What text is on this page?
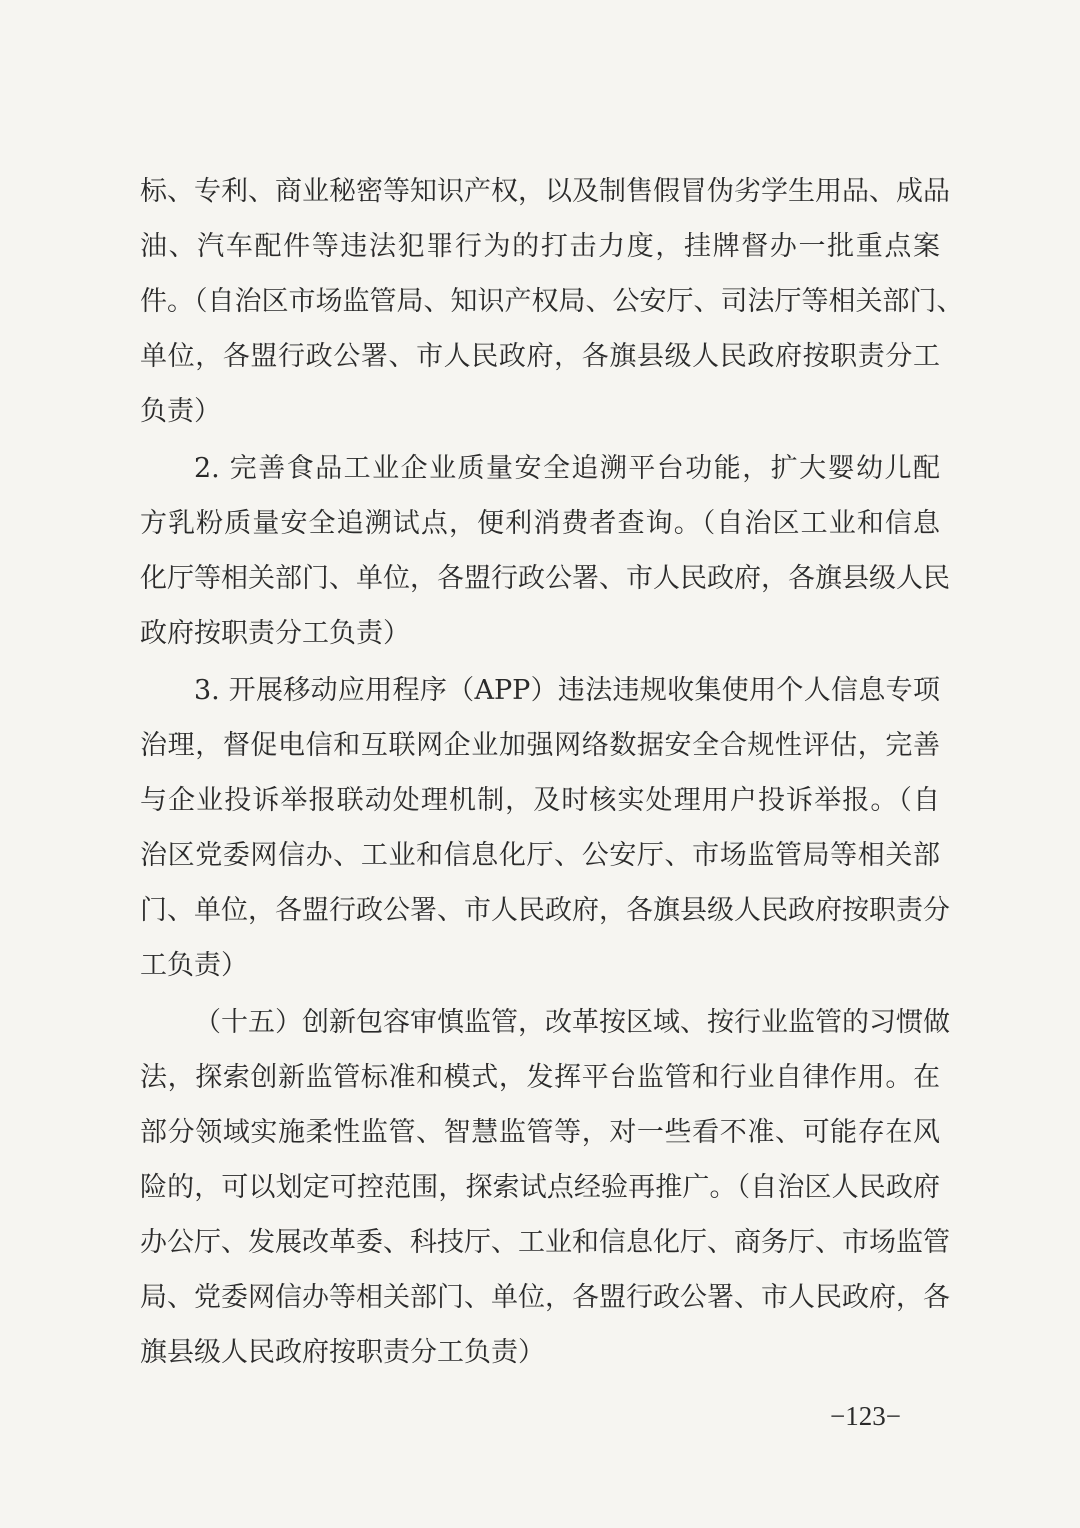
标、专利、商业秘密等知识产权，以及制售假冒伪劣学生用品、成品
油、汽车配件等违法犯罪行为的打击力度，挂牌督办一批重点案
件。（自治区市场监管局、知识产权局、公安厅、司法厅等相关部门、
单位，各盟行政公署、市人民政府，各旗县级人民政府按职责分工
负责）
2. 完善食品工业企业质量安全追溯平台功能，扩大婴幼儿配
方乳粉质量安全追溯试点，便利消费者查询。（自治区工业和信息
化厅等相关部门、单位，各盟行政公署、市人民政府，各旗县级人民
政府按职责分工负责）
3. 开展移动应用程序（APP）违法违规收集使用个人信息专项
治理，督促电信和互联网企业加强网络数据安全合规性评估，完善
与企业投诉举报联动处理机制，及时核实处理用户投诉举报。（自
治区党委网信办、工业和信息化厅、公安厅、市场监管局等相关部
门、单位，各盟行政公署、市人民政府，各旗县级人民政府按职责分
工负责）
（十五）创新包容审慎监管，改革按区域、按行业监管的习惯做
法，探索创新监管标准和模式，发挥平台监管和行业自律作用。在
部分领域实施柔性监管、智慧监管等，对一些看不准、可能存在风
险的，可以划定可控范围，探索试点经验再推广。（自治区人民政府
办公厅、发展改革委、科技厅、工业和信息化厅、商务厅、市场监管
局、党委网信办等相关部门、单位，各盟行政公署、市人民政府，各
旗县级人民政府按职责分工负责）
−123−
